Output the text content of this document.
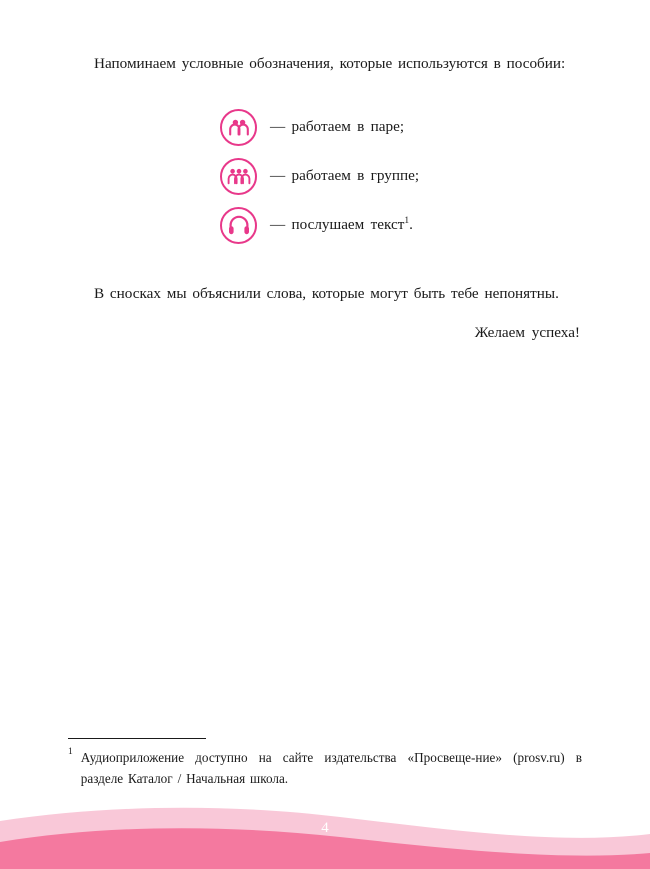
Напоминаем условные обозначения, которые используются в пособии:

— работаем в паре;
— работаем в группе;
— послушаем текст$^1$.

В сносках мы объяснили слова, которые могут быть тебе непонятны.

Желаем успеха!
1 Аудиоприложение доступно на сайте издательства «Просвеще-ние» (prosv.ru) в разделе Каталог / Начальная школа.
4
